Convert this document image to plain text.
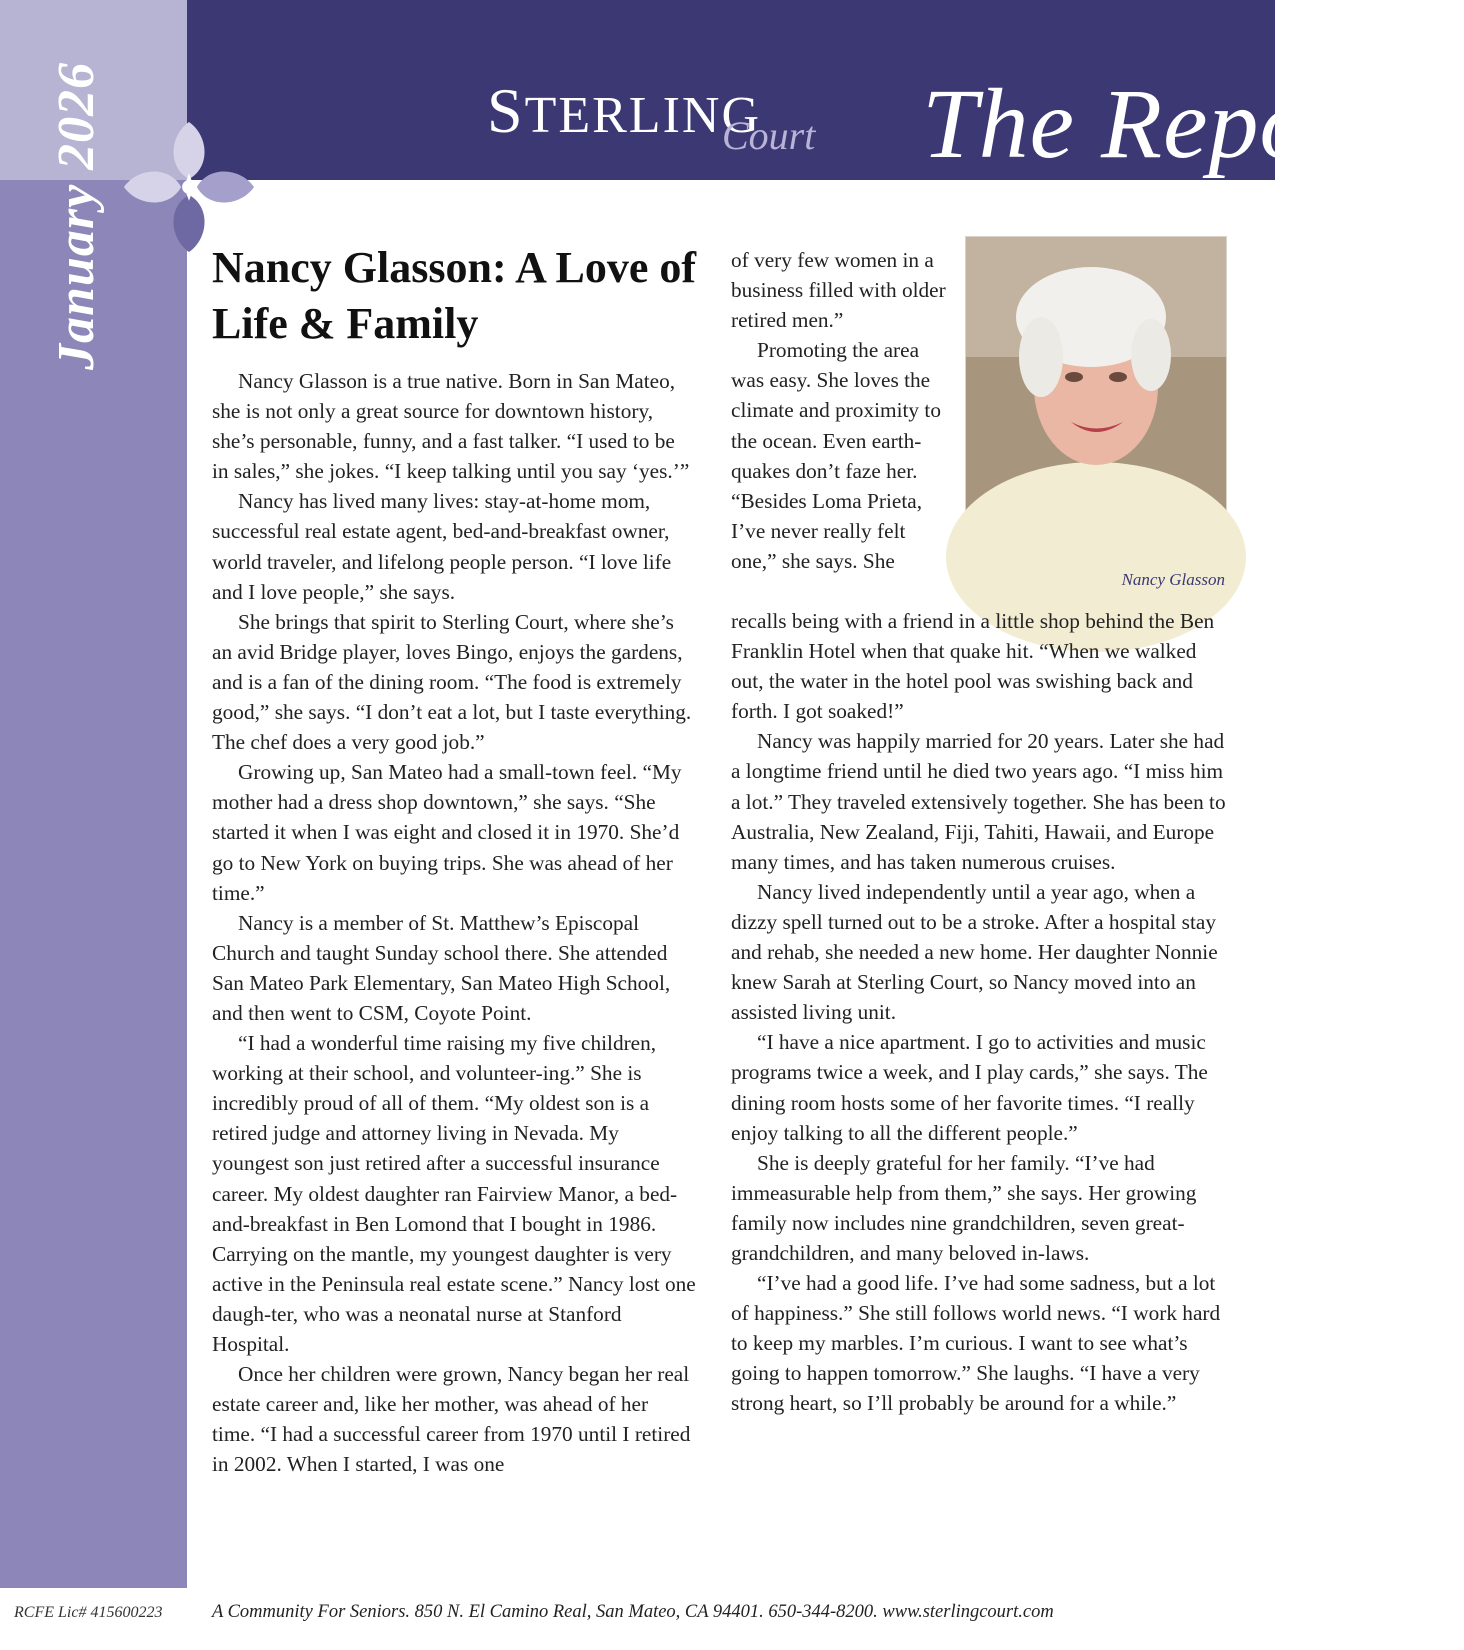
January 2026	STERLING
Court The Reporter
Nancy Glasson: A Love of Life & Family

Nancy Glasson is a true native. Born in San Mateo, she is not only a great source for downtown history, she’s personable, funny, and a fast talker. “I used to be in sales,” she jokes. “I keep talking until you say ‘yes.’”

Nancy has lived many lives: stay-at-home mom, successful real estate agent, bed-and-breakfast owner, world traveler, and lifelong people person. “I love life and I love people,” she says.

She brings that spirit to Sterling Court, where she’s an avid Bridge player, loves Bingo, enjoys the gardens, and is a fan of the dining room. “The food is extremely good,” she says. “I don’t eat a lot, but I taste everything. The chef does a very good job.”

Growing up, San Mateo had a small-town feel. “My mother had a dress shop downtown,” she says. “She started it when I was eight and closed it in 1970. She’d go to New York on buying trips. She was ahead of her time.”

Nancy is a member of St. Matthew’s Episcopal Church and taught Sunday school there. She attended San Mateo Park Elementary, San Mateo High School, and then went to CSM, Coyote Point.

“I had a wonderful time raising my five children, working at their school, and volunteer-ing.” She is incredibly proud of all of them. “My oldest son is a retired judge and attorney living in Nevada. My youngest son just retired after a successful insurance career. My oldest daughter ran Fairview Manor, a bed-and-breakfast in Ben Lomond that I bought in 1986. Carrying on the mantle, my youngest daughter is very active in the Peninsula real estate scene.” Nancy lost one daugh-ter, who was a neonatal nurse at Stanford Hospital.

Once her children were grown, Nancy began her real estate career and, like her mother, was ahead of her time. “I had a successful career from 1970 until I retired in 2002. When I started, I was one

of very few women in a business filled with older retired men.”

Promoting the area was easy. She loves the climate and proximity to the ocean. Even earth-quakes don’t faze her. “Besides Loma Prieta, I’ve never really felt one,” she says. She

Nancy Glasson

recalls being with a friend in a little shop behind the Ben Franklin Hotel when that quake hit. “When we walked out, the water in the hotel pool was swishing back and forth. I got soaked!”

Nancy was happily married for 20 years. Later she had a longtime friend until he died two years ago. “I miss him a lot.” They traveled extensively together. She has been to Australia, New Zealand, Fiji, Tahiti, Hawaii, and Europe many times, and has taken numerous cruises.

Nancy lived independently until a year ago, when a dizzy spell turned out to be a stroke. After a hospital stay and rehab, she needed a new home. Her daughter Nonnie knew Sarah at Sterling Court, so Nancy moved into an assisted living unit.

“I have a nice apartment. I go to activities and music programs twice a week, and I play cards,” she says. The dining room hosts some of her favorite times. “I really enjoy talking to all the different people.”

She is deeply grateful for her family. “I’ve had immeasurable help from them,” she says. Her growing family now includes nine grandchildren, seven great-grandchildren, and many beloved in-laws.

“I’ve had a good life. I’ve had some sadness, but a lot of happiness.” She still follows world news. “I work hard to keep my marbles. I’m curious. I want to see what’s going to happen tomorrow.” She laughs. “I have a very strong heart, so I’ll probably be around for a while.”

RCFE Lic# 415600223	A Community For Seniors. 850 N. El Camino Real, San Mateo, CA 94401. 650-344-8200. www.sterlingcourt.com
